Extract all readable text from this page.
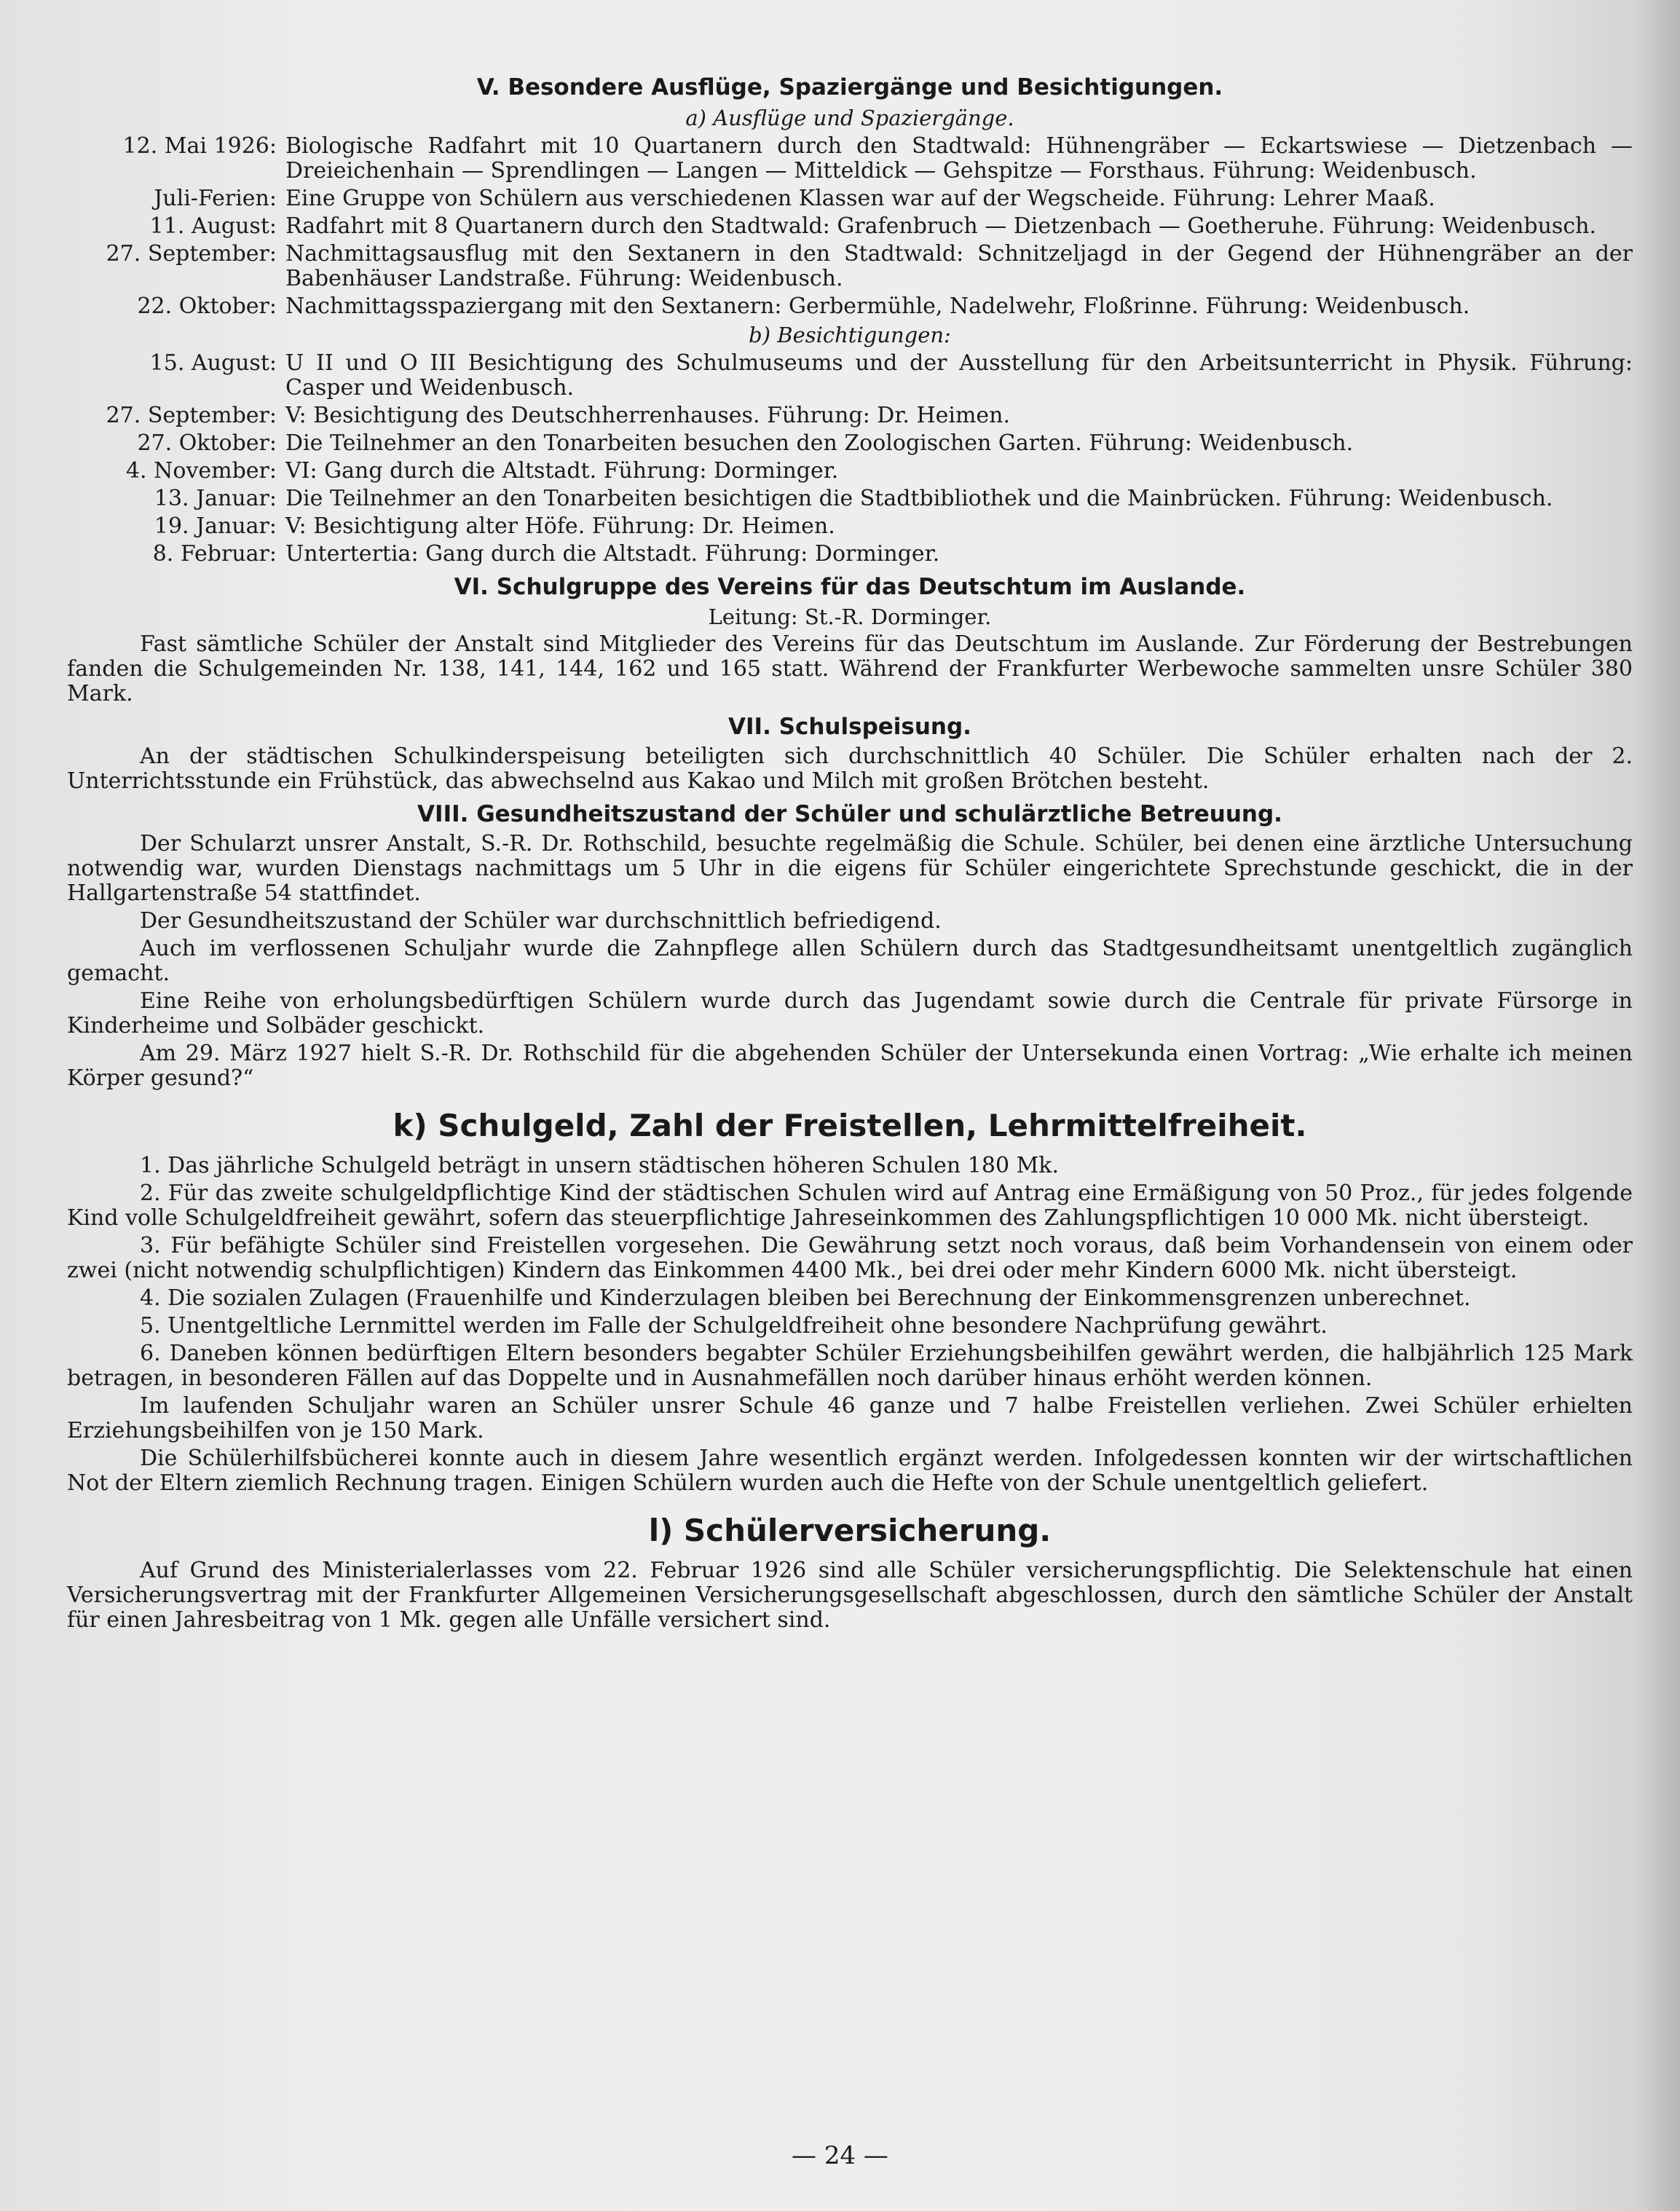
V. Besondere Ausflüge, Spaziergänge und Besichtigungen.
a) Ausflüge und Spaziergänge.
12. Mai 1926: Biologische Radfahrt mit 10 Quartanern durch den Stadtwald: Hühnengräber — Eckartswiese — Dietzenbach — Dreieichenhain — Sprendlingen — Langen — Mitteldick — Gehspitze — Forsthaus. Führung: Weidenbusch.
Juli-Ferien: Eine Gruppe von Schülern aus verschiedenen Klassen war auf der Wegscheide. Führung: Lehrer Maaß.
11. August: Radfahrt mit 8 Quartanern durch den Stadtwald: Grafenbruch — Dietzenbach — Goetheruhe. Führung: Weidenbusch.
27. September: Nachmittagsausflug mit den Sextanern in den Stadtwald: Schnitzeljagd in der Gegend der Hühnengräber an der Babenhäuser Landstraße. Führung: Weidenbusch.
22. Oktober: Nachmittagsspaziergang mit den Sextanern: Gerbermühle, Nadelwehr, Floßrinne. Führung: Weidenbusch.
b) Besichtigungen:
15. August: U II und O III Besichtigung des Schulmuseums und der Ausstellung für den Arbeitsunterricht in Physik. Führung: Casper und Weidenbusch.
27. September: V: Besichtigung des Deutschherrenhauses. Führung: Dr. Heimen.
27. Oktober: Die Teilnehmer an den Tonarbeiten besuchen den Zoologischen Garten. Führung: Weidenbusch.
4. November: VI: Gang durch die Altstadt. Führung: Dorminger.
13. Januar: Die Teilnehmer an den Tonarbeiten besichtigen die Stadtbibliothek und die Mainbrücken. Führung: Weidenbusch.
19. Januar: V: Besichtigung alter Höfe. Führung: Dr. Heimen.
8. Februar: Untertertia: Gang durch die Altstadt. Führung: Dorminger.
VI. Schulgruppe des Vereins für das Deutschtum im Auslande.
Leitung: St.-R. Dorminger.

Fast sämtliche Schüler der Anstalt sind Mitglieder des Vereins für das Deutschtum im Auslande. Zur Förderung der Bestrebungen fanden die Schulgemeinden Nr. 138, 141, 144, 162 und 165 statt. Während der Frankfurter Werbewoche sammelten unsre Schüler 380 Mark.

VII. Schulspeisung.

An der städtischen Schulkinderspeisung beteiligten sich durchschnittlich 40 Schüler. Die Schüler erhalten nach der 2. Unterrichtsstunde ein Frühstück, das abwechselnd aus Kakao und Milch mit großen Brötchen besteht.

VIII. Gesundheitszustand der Schüler und schulärztliche Betreuung.

Der Schularzt unsrer Anstalt, S.-R. Dr. Rothschild, besuchte regelmäßig die Schule. Schüler, bei denen eine ärztliche Untersuchung notwendig war, wurden Dienstags nachmittags um 5 Uhr in die eigens für Schüler eingerichtete Sprechstunde geschickt, die in der Hallgartenstraße 54 stattfindet.

Der Gesundheitszustand der Schüler war durchschnittlich befriedigend.

Auch im verflossenen Schuljahr wurde die Zahnpflege allen Schülern durch das Stadtgesundheitsamt unentgeltlich zugänglich gemacht.

Eine Reihe von erholungsbedürftigen Schülern wurde durch das Jugendamt sowie durch die Centrale für private Fürsorge in Kinderheime und Solbäder geschickt.

Am 29. März 1927 hielt S.-R. Dr. Rothschild für die abgehenden Schüler der Untersekunda einen Vortrag: „Wie erhalte ich meinen Körper gesund?“

k) Schulgeld, Zahl der Freistellen, Lehrmittelfreiheit.

1. Das jährliche Schulgeld beträgt in unsern städtischen höheren Schulen 180 Mk.

2. Für das zweite schulgeldpflichtige Kind der städtischen Schulen wird auf Antrag eine Ermäßigung von 50 Proz., für jedes folgende Kind volle Schulgeldfreiheit gewährt, sofern das steuerpflichtige Jahreseinkommen des Zahlungspflichtigen 10 000 Mk. nicht übersteigt.

3. Für befähigte Schüler sind Freistellen vorgesehen. Die Gewährung setzt noch voraus, daß beim Vorhandensein von einem oder zwei (nicht notwendig schulpflichtigen) Kindern das Einkommen 4400 Mk., bei drei oder mehr Kindern 6000 Mk. nicht übersteigt.

4. Die sozialen Zulagen (Frauenhilfe und Kinderzulagen bleiben bei Berechnung der Einkommensgrenzen unberechnet.

5. Unentgeltliche Lernmittel werden im Falle der Schulgeldfreiheit ohne besondere Nachprüfung gewährt.

6. Daneben können bedürftigen Eltern besonders begabter Schüler Erziehungsbeihilfen gewährt werden, die halbjährlich 125 Mark betragen, in besonderen Fällen auf das Doppelte und in Ausnahmefällen noch darüber hinaus erhöht werden können.

Im laufenden Schuljahr waren an Schüler unsrer Schule 46 ganze und 7 halbe Freistellen verliehen. Zwei Schüler erhielten Erziehungsbeihilfen von je 150 Mark.

Die Schülerhilfsbücherei konnte auch in diesem Jahre wesentlich ergänzt werden. Infolgedessen konnten wir der wirtschaftlichen Not der Eltern ziemlich Rechnung tragen. Einigen Schülern wurden auch die Hefte von der Schule unentgeltlich geliefert.

l) Schülerversicherung.

Auf Grund des Ministerialerlasses vom 22. Februar 1926 sind alle Schüler versicherungspflichtig. Die Selektenschule hat einen Versicherungsvertrag mit der Frankfurter Allgemeinen Versicherungsgesellschaft abgeschlossen, durch den sämtliche Schüler der Anstalt für einen Jahresbeitrag von 1 Mk. gegen alle Unfälle versichert sind.

— 24 —
